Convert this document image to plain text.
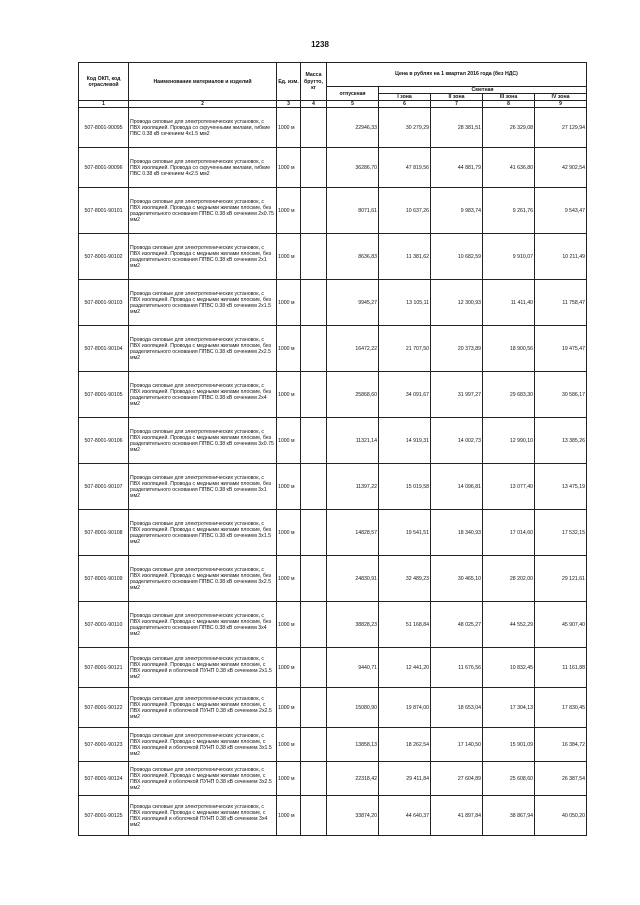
1238
Код ОКП, код отраслевой	Наименование материалов и изделий	Ед. изм.	Масса брутто, кг	Цена в рублях на 1 квартал 2016 года (без НДС)				
				отпускная	Сметная			
					I зона	II зона	III зона	IV зона
1	2	3	4	5	6	7	8	9
507-8001-90095	Провода силовые для электротехнических установок, с ПВХ изоляцией. Провода со скрученными жилами, гибкие ПВС 0.38 кВ сечением 4х1.5 мм2	1000 м		22946,33	30 279,29	28 381,51	26 329,08	27 129,94
507-8001-90096	Провода силовые для электротехнических установок, с ПВХ изоляцией. Провода со скрученными жилами, гибкие ПВС 0.38 кВ сечением 4х2.5 мм2	1000 м		36286,70	47 819,56	44 881,79	41 636,80	42 902,54
507-8001-90101	Провода силовые для электротехнических установок, с ПВХ изоляцией. Провода с медными жилами плоские, без разделительного основания ППВС 0.38 кВ сечением 2х0.75 мм2	1000 м		8071,61	10 637,26	9 983,74	9 261,76	9 543,47
507-8001-90102	Провода силовые для электротехнических установок, с ПВХ изоляцией. Провода с медными жилами плоские, без разделительного основания ППВС 0.38 кВ сечением 2х1 мм2	1000 м		8636,83	11 381,62	10 682,59	9 910,07	10 211,49
507-8001-90103	Провода силовые для электротехнических установок, с ПВХ изоляцией. Провода с медными жилами плоские, без разделительного основания ППВС 0.38 кВ сечением 2х1.5 мм2	1000 м		9945,27	13 105,11	12 300,93	11 411,40	11 758,47
507-8001-90104	Провода силовые для электротехнических установок, с ПВХ изоляцией. Провода с медными жилами плоские, без разделительного основания ППВС 0.38 кВ сечением 2х2.5 мм2	1000 м		16472,22	21 707,50	20 373,89	18 900,56	19 475,47
507-8001-90105	Провода силовые для электротехнических установок, с ПВХ изоляцией. Провода с медными жилами плоские, без разделительного основания ППВС 0.38 кВ сечением 2х4 мм2	1000 м		25868,60	34 091,67	31 997,27	29 683,30	30 586,17
507-8001-90106	Провода силовые для электротехнических установок, с ПВХ изоляцией. Провода с медными жилами плоские, без разделительного основания ППВС 0.38 кВ сечением 3х0.75 мм2	1000 м		11321,14	14 919,31	14 002,73	12 990,10	13 385,26
507-8001-90107	Провода силовые для электротехнических установок, с ПВХ изоляцией. Провода с медными жилами плоские, без разделительного основания ППВС 0.38 кВ сечением 3х1 мм2	1000 м		11397,22	15 019,58	14 096,81	13 077,40	13 475,19
507-8001-90108	Провода силовые для электротехнических установок, с ПВХ изоляцией. Провода с медными жилами плоские, без разделительного основания ППВС 0.38 кВ сечением 3х1.5 мм2	1000 м		14828,57	19 541,51	18 340,93	17 014,60	17 532,15
507-8001-90109	Провода силовые для электротехнических установок, с ПВХ изоляцией. Провода с медными жилами плоские, без разделительного основания ППВС 0.38 кВ сечением 3х2.5 мм2	1000 м		24830,91	32 489,23	30 465,10	28 202,00	29 121,61
507-8001-90110	Провода силовые для электротехнических установок, с ПВХ изоляцией. Провода с медными жилами плоские, без разделительного основания ППВС 0.38 кВ сечением 3х4 мм2	1000 м		38828,23	51 168,84	48 025,27	44 552,29	45 907,40
507-8001-90121	Провода силовые для электротехнических установок, с ПВХ изоляцией. Провода с медными жилами плоские, с ПВХ изоляцией и оболочкой ПУНП 0.38 кВ сечением 2х1.5 мм2	1000 м		9440,71	12 441,20	11 676,56	10 832,45	11 161,88
507-8001-90122	Провода силовые для электротехнических установок, с ПВХ изоляцией. Провода с медными жилами плоские, с ПВХ изоляцией и оболочкой ПУНП 0.38 кВ сечением 2х2.5 мм2	1000 м		15080,90	19 874,00	18 653,04	17 304,13	17 830,45
507-8001-90123	Провода силовые для электротехнических установок, с ПВХ изоляцией. Провода с медными жилами плоские, с ПВХ изоляцией и оболочкой ПУНП 0.38 кВ сечением 3х1.5 мм2	1000 м		13858,13	18 262,54	17 140,50	15 901,09	16 384,72
507-8001-90124	Провода силовые для электротехнических установок, с ПВХ изоляцией. Провода с медными жилами плоские, с ПВХ изоляцией и оболочкой ПУНП 0.38 кВ сечением 3х2.5 мм2	1000 м		22318,42	29 411,84	27 604,89	25 608,60	26 387,54
507-8001-90125	Провода силовые для электротехнических установок, с ПВХ изоляцией. Провода с медными жилами плоские, с ПВХ изоляцией и оболочкой ПУНП 0.38 кВ сечением 3х4 мм2	1000 м		33874,20	44 640,37	41 897,84	38 867,94	40 050,20
